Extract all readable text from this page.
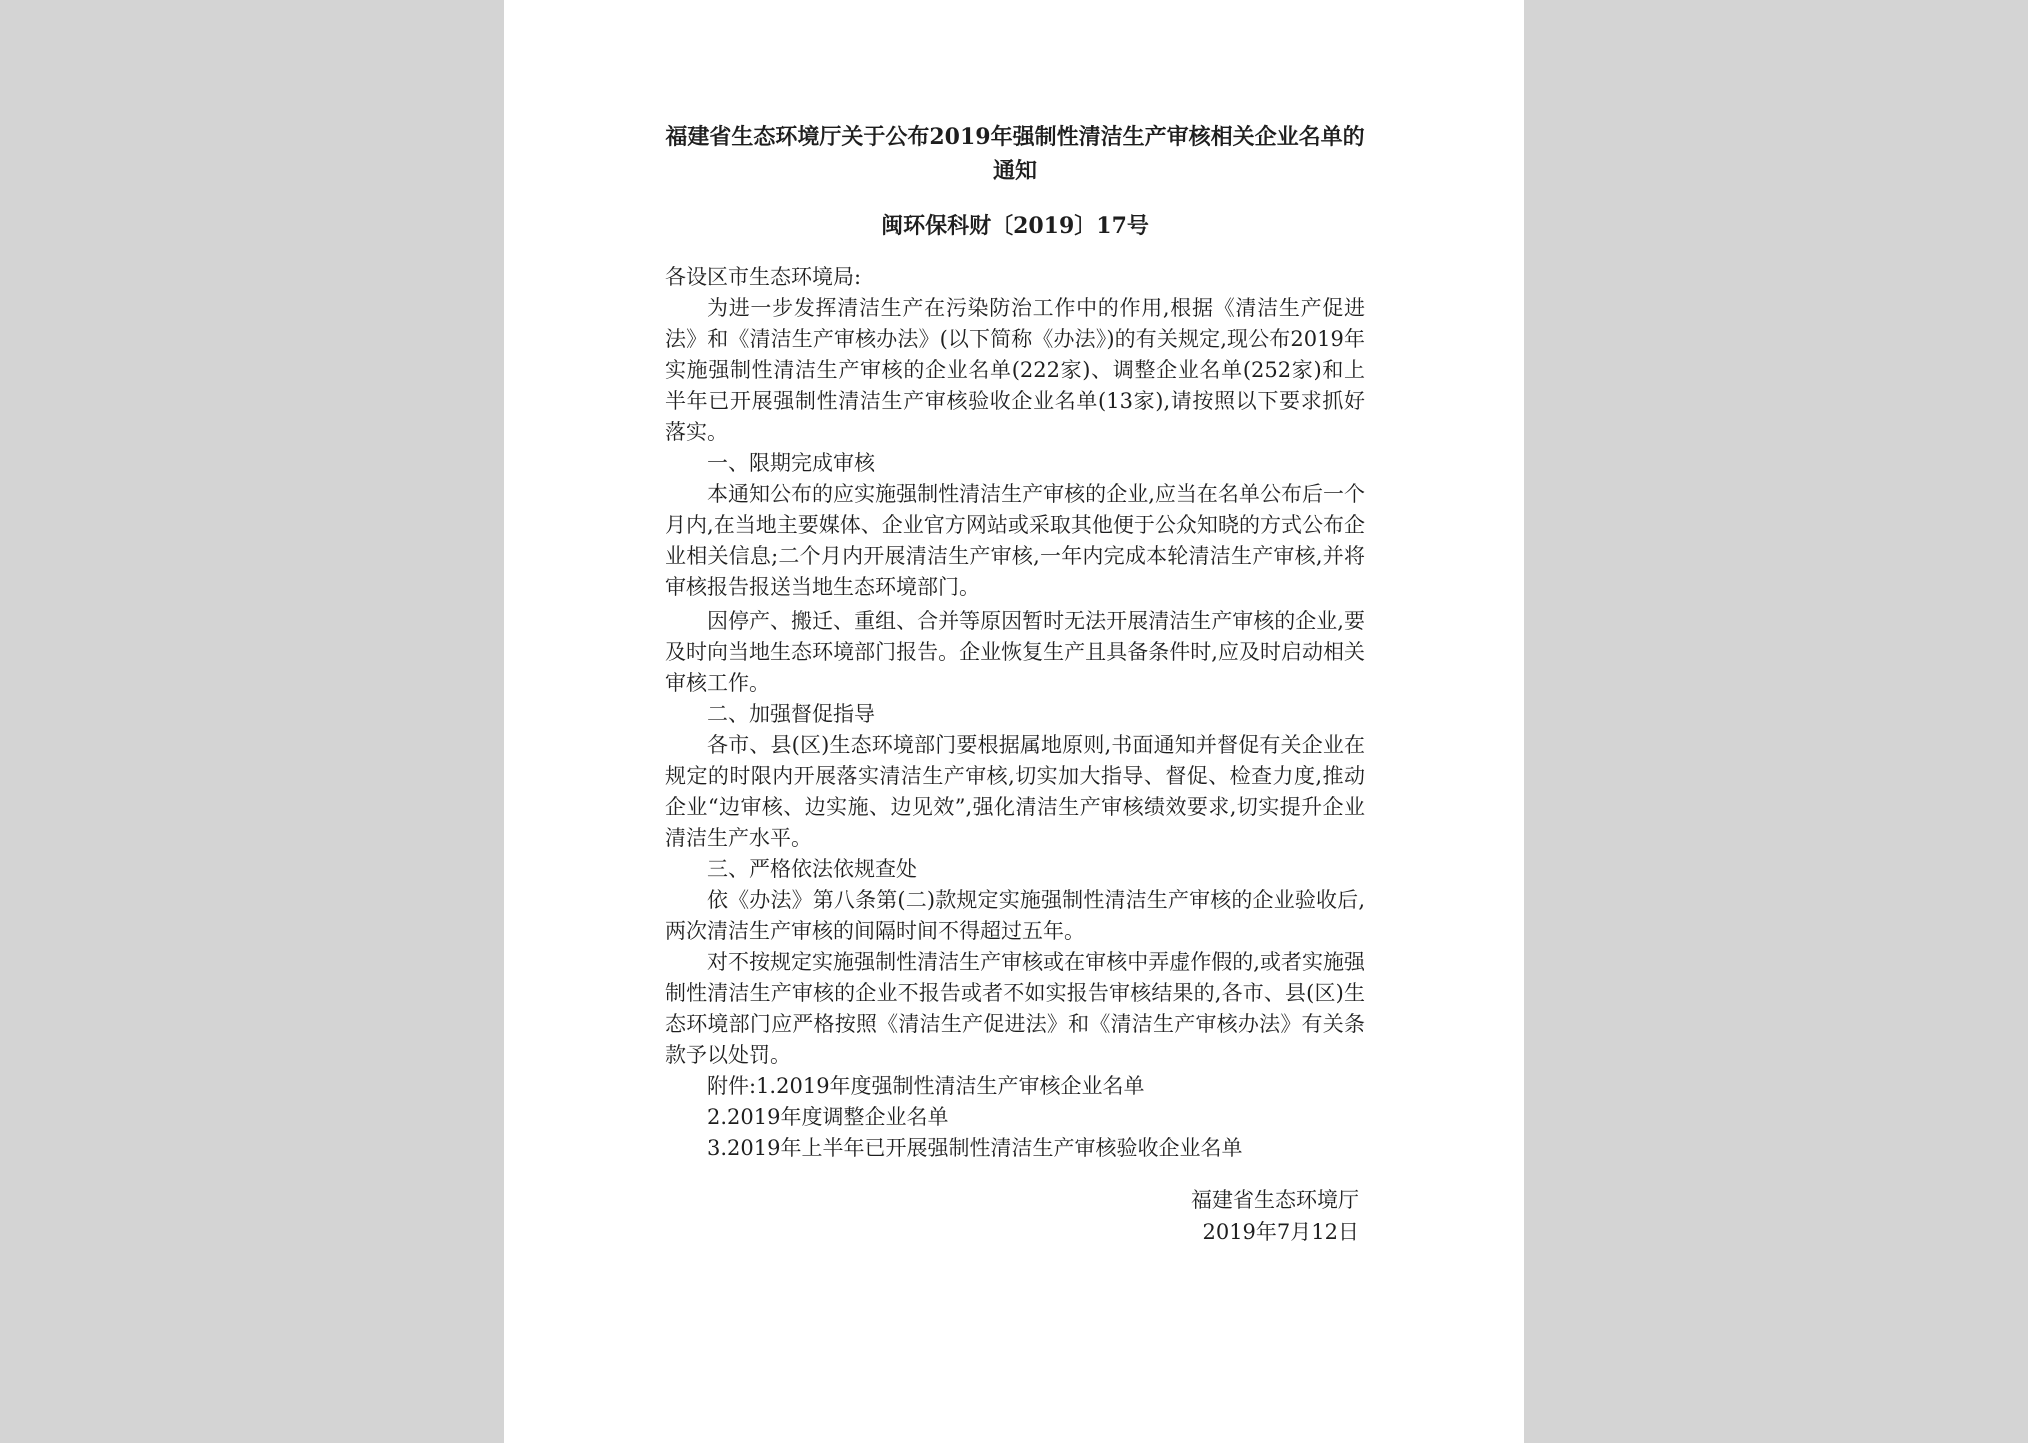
福建省生态环境厅关于公布2019年强制性清洁生产审核相关企业名单的通知
闽环保科财〔2019〕17号

各设区市生态环境局:

为进一步发挥清洁生产在污染防治工作中的作用,根据《清洁生产促进法》和《清洁生产审核办法》(以下简称《办法》)的有关规定,现公布2019年实施强制性清洁生产审核的企业名单(222家)、调整企业名单(252家)和上半年已开展强制性清洁生产审核验收企业名单(13家),请按照以下要求抓好落实。

一、限期完成审核

本通知公布的应实施强制性清洁生产审核的企业,应当在名单公布后一个月内,在当地主要媒体、企业官方网站或采取其他便于公众知晓的方式公布企业相关信息;二个月内开展清洁生产审核,一年内完成本轮清洁生产审核,并将审核报告报送当地生态环境部门。

因停产、搬迁、重组、合并等原因暂时无法开展清洁生产审核的企业,要及时向当地生态环境部门报告。企业恢复生产且具备条件时,应及时启动相关审核工作。

二、加强督促指导

各市、县(区)生态环境部门要根据属地原则,书面通知并督促有关企业在规定的时限内开展落实清洁生产审核,切实加大指导、督促、检查力度,推动企业“边审核、边实施、边见效”,强化清洁生产审核绩效要求,切实提升企业清洁生产水平。

三、严格依法依规查处

依《办法》第八条第(二)款规定实施强制性清洁生产审核的企业验收后,两次清洁生产审核的间隔时间不得超过五年。

对不按规定实施强制性清洁生产审核或在审核中弄虚作假的,或者实施强制性清洁生产审核的企业不报告或者不如实报告审核结果的,各市、县(区)生态环境部门应严格按照《清洁生产促进法》和《清洁生产审核办法》有关条款予以处罚。

附件:1.2019年度强制性清洁生产审核企业名单

2.2019年度调整企业名单

3.2019年上半年已开展强制性清洁生产审核验收企业名单

福建省生态环境厅
2019年7月12日
